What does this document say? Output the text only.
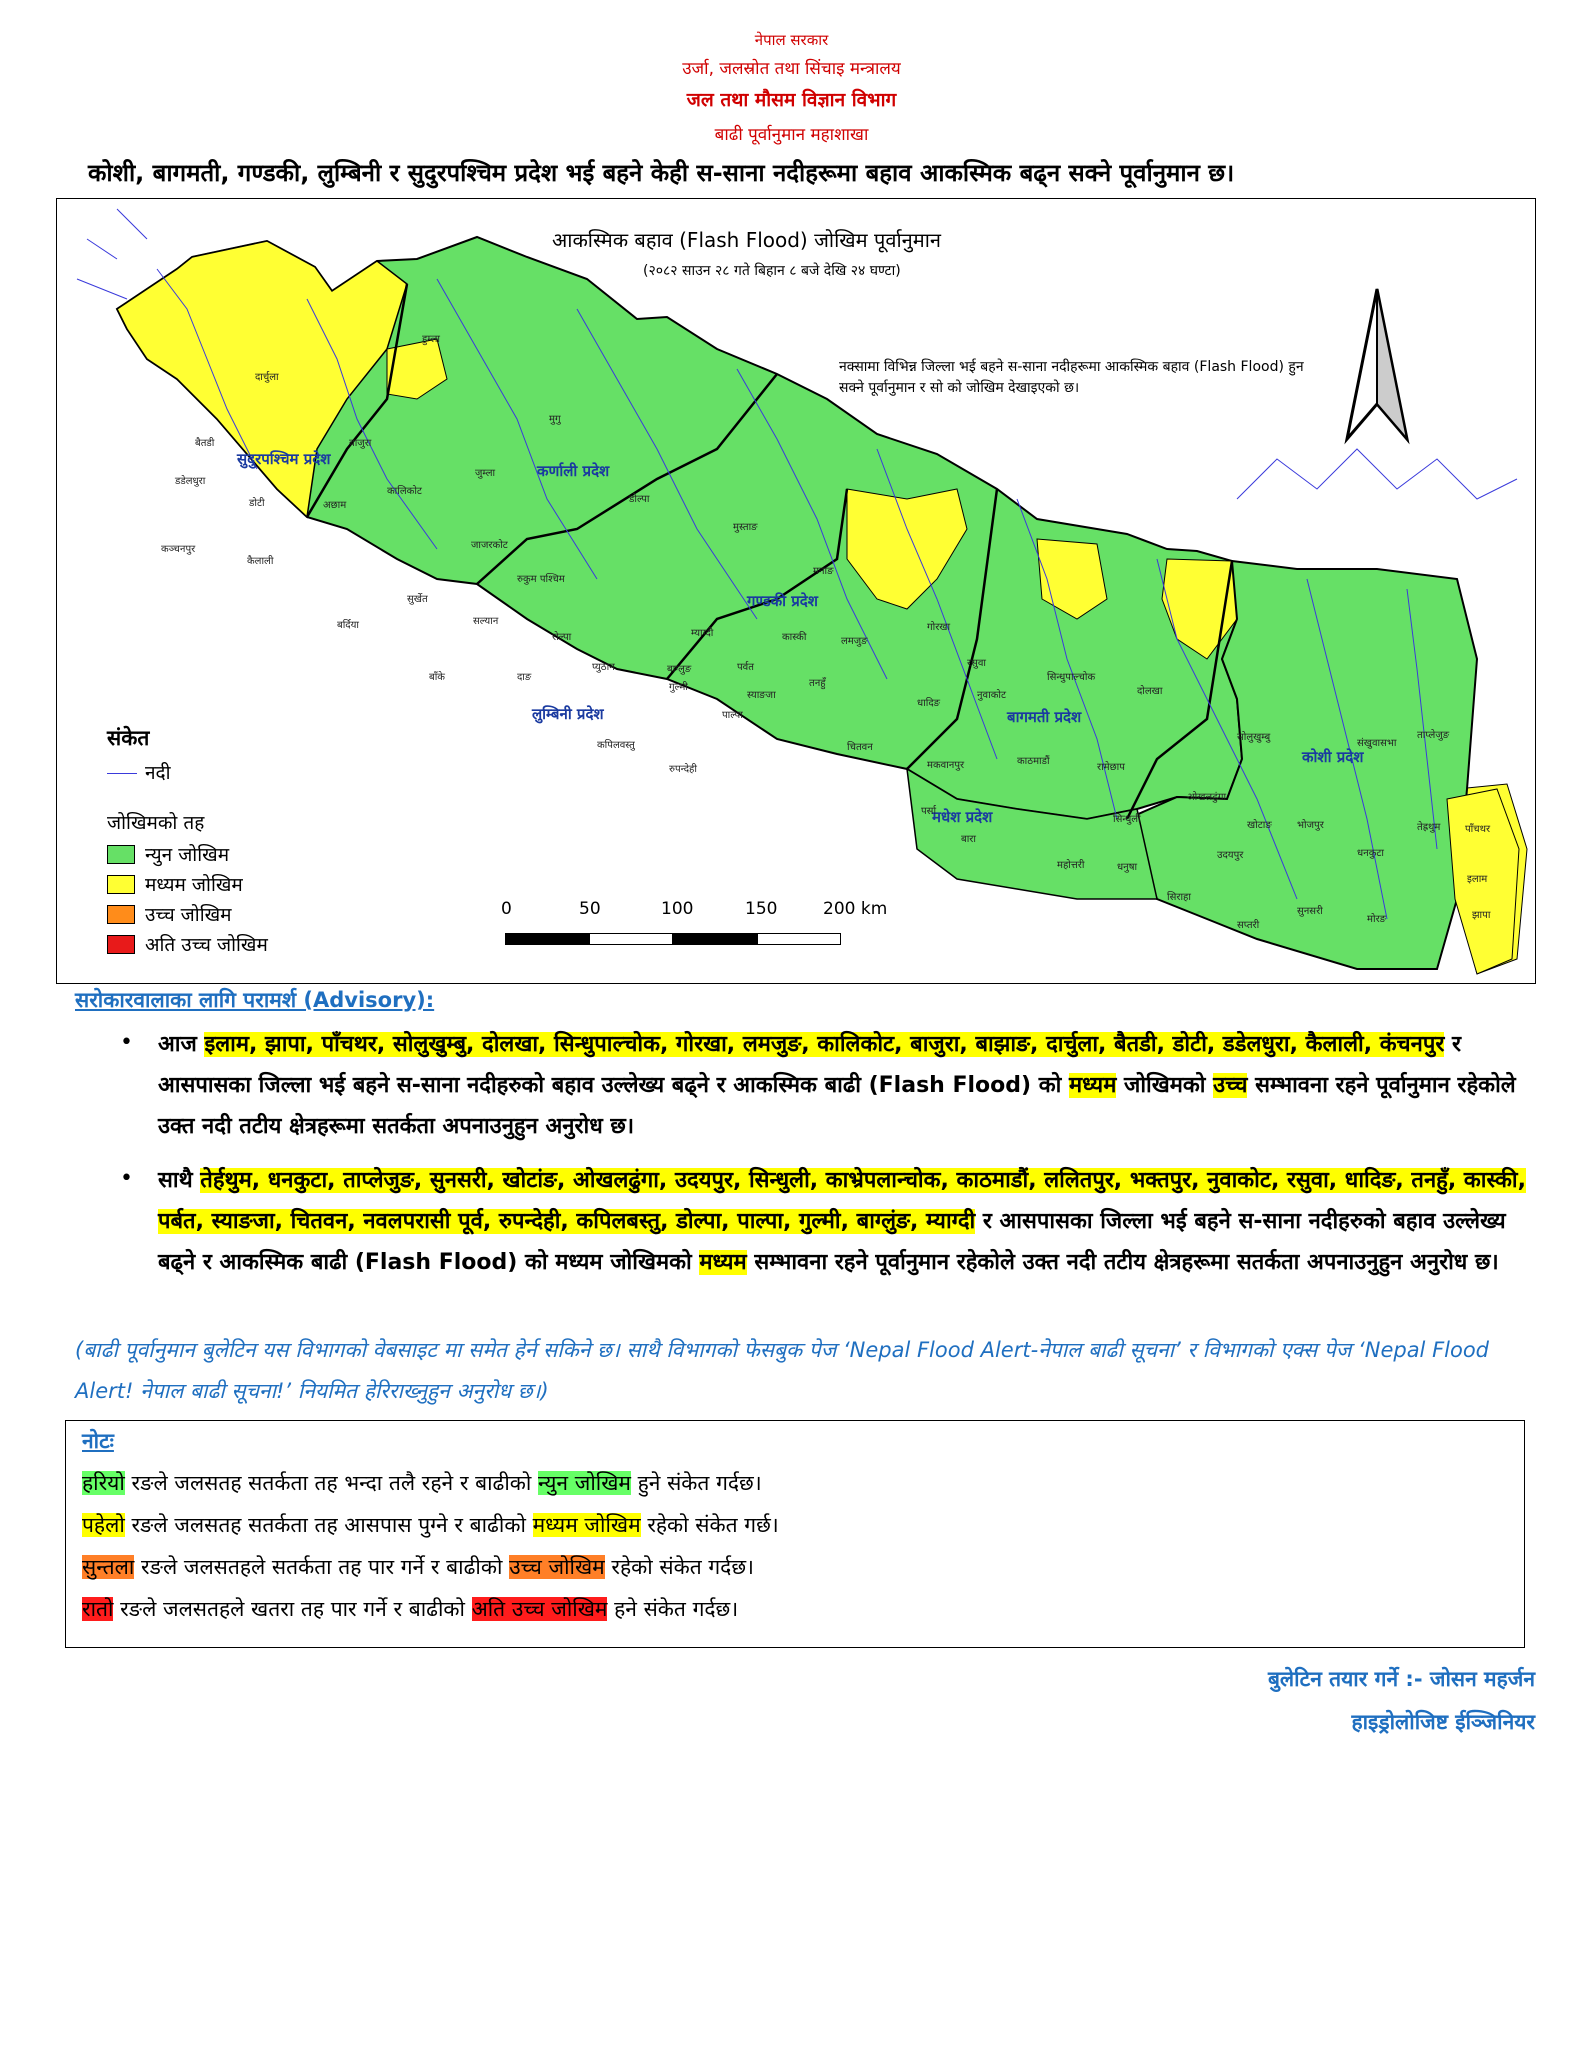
नेपाल सरकार
उर्जा, जलस्रोत तथा सिंचाइ मन्त्रालय
जल तथा मौसम विज्ञान विभाग
बाढी पूर्वानुमान महाशाखा
कोशी, बागमती, गण्डकी, लुम्बिनी र सुदुरपश्चिम प्रदेश भई बहने केही स-साना नदीहरूमा बहाव आकस्मिक बढ्न सक्ने पूर्वानुमान छ।
आकस्मिक बहाव (Flash Flood) जोखिम पूर्वानुमान
(२०८२ साउन २८ गते बिहान ८ बजे देखि २४ घण्टा)
नक्सामा विभिन्न जिल्ला भई बहने स-साना नदीहरूमा आकस्मिक बहाव (Flash Flood) हुन सक्ने पूर्वानुमान र सो को जोखिम देखाइएको छ।
सुदुरपश्चिम प्रदेश
कर्णाली प्रदेश
गण्डकी प्रदेश
लुम्बिनी प्रदेश	बागमती प्रदेश
मधेश प्रदेश
कोशी प्रदेश
दार्चुला
बैतडी
डडेलधुरा
डोटी
कञ्चनपुर
कैलाली
बाजुरा
अछाम
कालिकोट
हुम्ला
मुगु
जुम्ला
डोल्पा
जाजरकोट
रुकुम पश्चिम
सुर्खेत
बर्दिया	सल्यान
रोल्पा
प्युठान
दाङ
बाँके
कपिलवस्तु
रुपन्देही
पाल्पा
मुस्ताङ
म्याग्दी
बाग्लुङ
गुल्मी
पर्वत
कास्की
मनाङ
लमजुङ
गोरखा
तनहुँ
स्याङजा
चितवन
मकवानपुर
पर्सा
बारा
धादिङ
नुवाकोट
रसुवा
सिन्धुपाल्चोक
काठमाडौं
दोलखा
रामेछाप
सिन्धुली
महोत्तरी	धनुषा
सिराहा
सप्तरी
उदयपुर
ओखलढुंगा
सोलुखुम्बु
खोटाङ	भोजपुर
संखुवासभा
ताप्लेजुङ
तेह्रथुम
धनकुटा
सुनसरी
मोरङ	झापा
इलाम
पाँचथर
संकेत
नदी
जोखिमको तह
न्युन जोखिम
मध्यम जोखिम
उच्च जोखिम
अति उच्च जोखिम
0	50	100	150	200 km
सरोकारवालाका लागि परामर्श (Advisory):
• आज इलाम, झापा, पाँचथर, सोलुखुम्बु, दोलखा, सिन्धुपाल्चोक, गोरखा, लमजुङ, कालिकोट, बाजुरा, बाझाङ, दार्चुला, बैतडी, डोटी, डडेलधुरा, कैलाली, कंचनपुर र आसपासका जिल्ला भई बहने स-साना नदीहरुको बहाव उल्लेख्य बढ्ने र आकस्मिक बाढी (Flash Flood) को मध्यम जोखिमको उच्च सम्भावना रहने पूर्वानुमान रहेकोले उक्त नदी तटीय क्षेत्रहरूमा सतर्कता अपनाउनुहुन अनुरोध छ।
• साथै तेर्हथुम, धनकुटा, ताप्लेजुङ, सुनसरी, खोटांङ, ओखलढुंगा, उदयपुर, सिन्धुली, काभ्रेपलान्चोक, काठमाडौं, ललितपुर, भक्तपुर, नुवाकोट, रसुवा, धादिङ, तनहुँ, कास्की, पर्बत, स्याङजा, चितवन, नवलपरासी पूर्व, रुपन्देही, कपिलबस्तु, डोल्पा, पाल्पा, गुल्मी, बाग्लुंङ, म्याग्दी र आसपासका जिल्ला भई बहने स-साना नदीहरुको बहाव उल्लेख्य बढ्ने र आकस्मिक बाढी (Flash Flood) को मध्यम जोखिमको मध्यम सम्भावना रहने पूर्वानुमान रहेकोले उक्त नदी तटीय क्षेत्रहरूमा सतर्कता अपनाउनुहुन अनुरोध छ।
(बाढी पूर्वानुमान बुलेटिन यस विभागको वेबसाइट मा समेत हेर्न सकिने छ। साथै विभागको फेसबुक पेज ‘Nepal Flood Alert-नेपाल बाढी सूचना’ र विभागको एक्स पेज ‘Nepal Flood Alert! नेपाल बाढी सूचना!’ नियमित हेरिराख्नुहुन अनुरोध छ।)
नोटः
हरियो रङले जलसतह सतर्कता तह भन्दा तलै रहने र बाढीको न्युन जोखिम हुने संकेत गर्दछ।
पहेलो रङले जलसतह सतर्कता तह आसपास पुग्ने र बाढीको मध्यम जोखिम रहेको संकेत गर्छ।
सुन्तला रङले जलसतहले सतर्कता तह पार गर्ने र बाढीको उच्च जोखिम रहेको संकेत गर्दछ।
रातो रङले जलसतहले खतरा तह पार गर्ने र बाढीको अति उच्च जोखिम हने संकेत गर्दछ।
बुलेटिन तयार गर्ने :- जोसन महर्जन
हाइड्रोलोजिष्ट ईञ्जिनियर
